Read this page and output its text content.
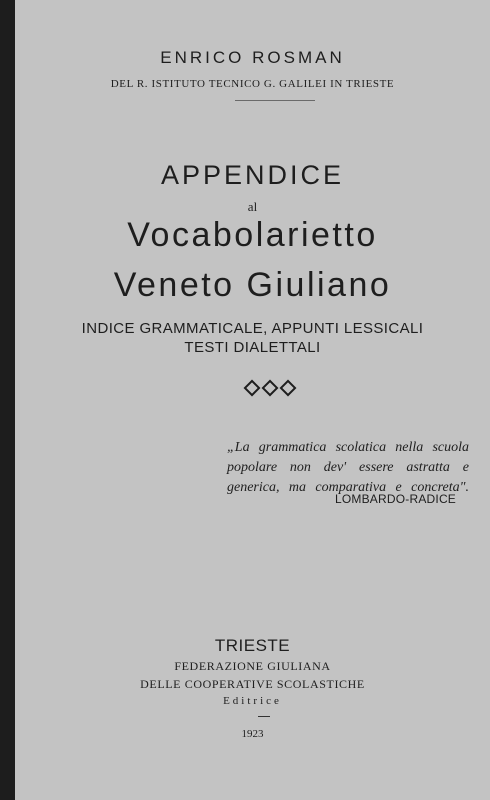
ENRICO ROSMAN
DEL R. ISTITUTO TECNICO G. GALILEI IN TRIESTE
APPENDICE
al
Vocabolarietto
Veneto Giuliano
INDICE GRAMMATICALE, APPUNTI LESSICALI
TESTI DIALETTALI
„La grammatica scolatica nella scuola
popolare non dev' essere astratta e
generica, ma comparativa e concreta".
LOMBARDO-RADICE
TRIESTE
FEDERAZIONE GIULIANA
DELLE COOPERATIVE SCOLASTICHE
Editrice
1923
